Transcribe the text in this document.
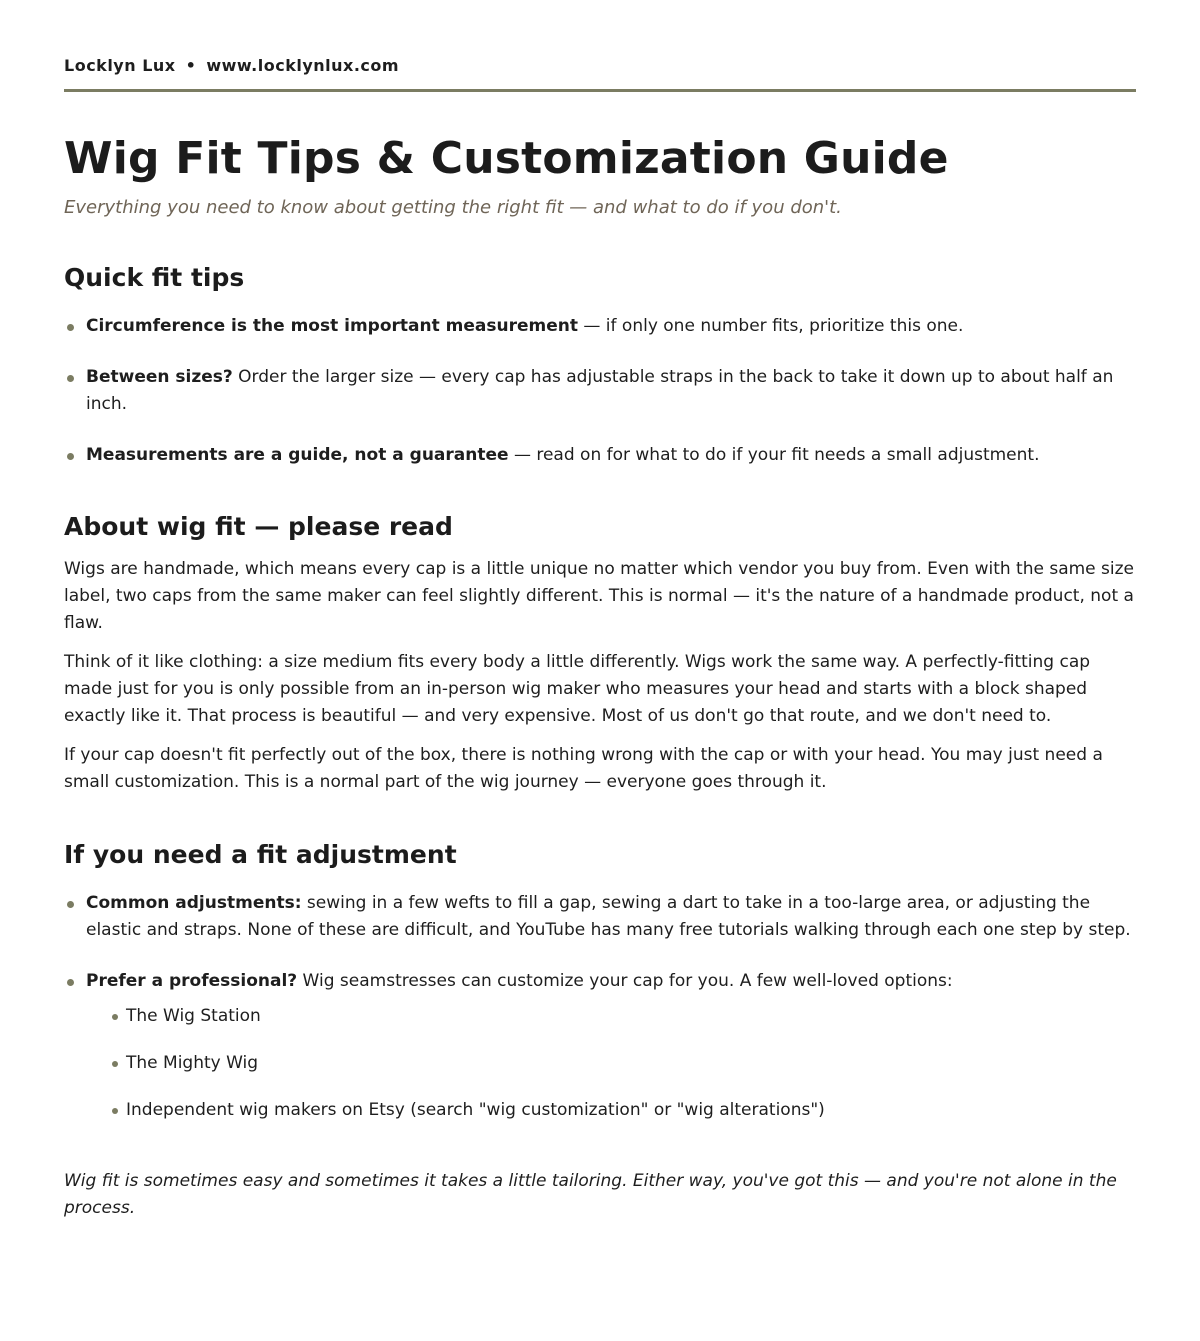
Locklyn Lux • www.locklynlux.com
Wig Fit Tips & Customization Guide
Everything you need to know about getting the right fit — and what to do if you don't.
Quick fit tips
Circumference is the most important measurement — if only one number fits, prioritize this one.
Between sizes? Order the larger size — every cap has adjustable straps in the back to take it down up to about half an inch.
Measurements are a guide, not a guarantee — read on for what to do if your fit needs a small adjustment.
About wig fit — please read

Wigs are handmade, which means every cap is a little unique no matter which vendor you buy from. Even with the same size label, two caps from the same maker can feel slightly different. This is normal — it's the nature of a handmade product, not a flaw.

Think of it like clothing: a size medium fits every body a little differently. Wigs work the same way. A perfectly-fitting cap made just for you is only possible from an in-person wig maker who measures your head and starts with a block shaped exactly like it. That process is beautiful — and very expensive. Most of us don't go that route, and we don't need to.

If your cap doesn't fit perfectly out of the box, there is nothing wrong with the cap or with your head. You may just need a small customization. This is a normal part of the wig journey — everyone goes through it.

If you need a fit adjustment
Common adjustments: sewing in a few wefts to fill a gap, sewing a dart to take in a too-large area, or adjusting the elastic and straps. None of these are difficult, and YouTube has many free tutorials walking through each one step by step.
Prefer a professional? Wig seamstresses can customize your cap for you. A few well-loved options:
The Wig Station
The Mighty Wig
Independent wig makers on Etsy (search "wig customization" or "wig alterations")

Wig fit is sometimes easy and sometimes it takes a little tailoring. Either way, you've got this — and you're not alone in the process.
